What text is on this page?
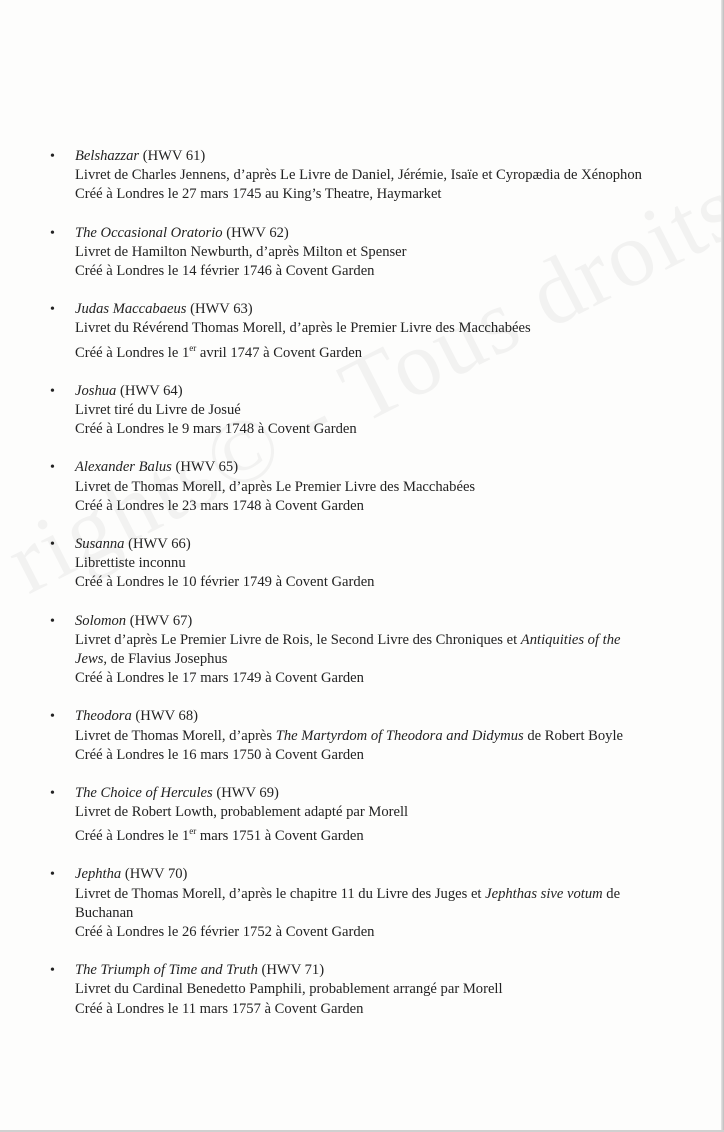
• Belshazzar (HWV 61)
Livret de Charles Jennens, d’après Le Livre de Daniel, Jérémie, Isaïe et Cyropædia de Xénophon
Créé à Londres le 27 mars 1745 au King’s Theatre, Haymarket
• The Occasional Oratorio (HWV 62)
Livret de Hamilton Newburth, d’après Milton et Spenser
Créé à Londres le 14 février 1746 à Covent Garden
• Judas Maccabaeus (HWV 63)
Livret du Révérend Thomas Morell, d’après le Premier Livre des Macchabées
Créé à Londres le 1er avril 1747 à Covent Garden
• Joshua (HWV 64)
Livret tiré du Livre de Josué
Créé à Londres le 9 mars 1748 à Covent Garden
• Alexander Balus (HWV 65)
Livret de Thomas Morell, d’après Le Premier Livre des Macchabées
Créé à Londres le 23 mars 1748 à Covent Garden
• Susanna (HWV 66)
Librettiste inconnu
Créé à Londres le 10 février 1749 à Covent Garden
• Solomon (HWV 67)
Livret d’après Le Premier Livre de Rois, le Second Livre des Chroniques et Antiquities of the Jews, de Flavius Josephus
Créé à Londres le 17 mars 1749 à Covent Garden
• Theodora (HWV 68)
Livret de Thomas Morell, d’après The Martyrdom of Theodora and Didymus de Robert Boyle
Créé à Londres le 16 mars 1750 à Covent Garden
• The Choice of Hercules (HWV 69)
Livret de Robert Lowth, probablement adapté par Morell
Créé à Londres le 1er mars 1751 à Covent Garden
• Jephtha (HWV 70)
Livret de Thomas Morell, d’après le chapitre 11 du Livre des Juges et Jephthas sive votum de Buchanan
Créé à Londres le 26 février 1752 à Covent Garden
• The Triumph of Time and Truth (HWV 71)
Livret du Cardinal Benedetto Pamphili, probablement arrangé par Morell
Créé à Londres le 11 mars 1757 à Covent Garden
